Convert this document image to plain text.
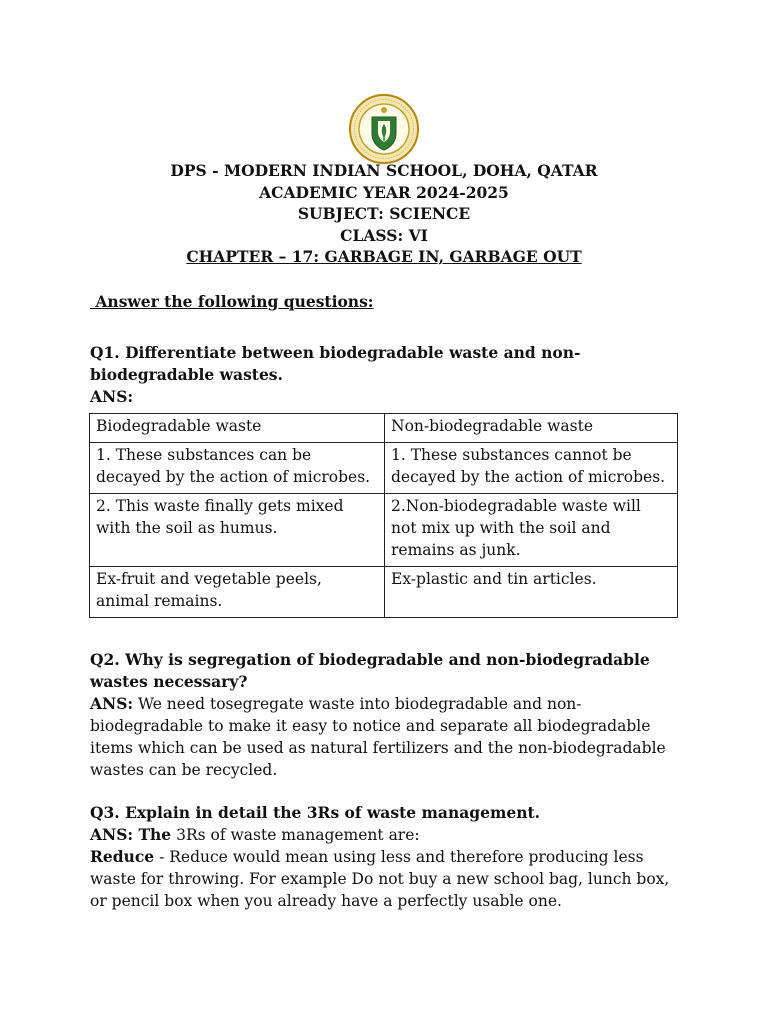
DPS - MODERN INDIAN SCHOOL, DOHA, QATAR
ACADEMIC YEAR 2024-2025
SUBJECT: SCIENCE
CLASS: VI
CHAPTER – 17: GARBAGE IN, GARBAGE OUT
Answer the following questions:
Q1. Differentiate between biodegradable waste and non-biodegradable wastes.
ANS:
Biodegradable waste	Non-biodegradable waste
1. These substances can be decayed by the action of microbes.	1. These substances cannot be decayed by the action of microbes.
2. This waste finally gets mixed with the soil as humus.	2.Non-biodegradable waste will not mix up with the soil and remains as junk.
Ex-fruit and vegetable peels, animal remains.	Ex-plastic and tin articles.
Q2. Why is segregation of biodegradable and non-biodegradable wastes necessary?
ANS: We need tosegregate waste into biodegradable and non-biodegradable to make it easy to notice and separate all biodegradable items which can be used as natural fertilizers and the non-biodegradable wastes can be recycled.
Q3. Explain in detail the 3Rs of waste management.
ANS: The 3Rs of waste management are:
Reduce - Reduce would mean using less and therefore producing less waste for throwing. For example Do not buy a new school bag, lunch box, or pencil box when you already have a perfectly usable one.
